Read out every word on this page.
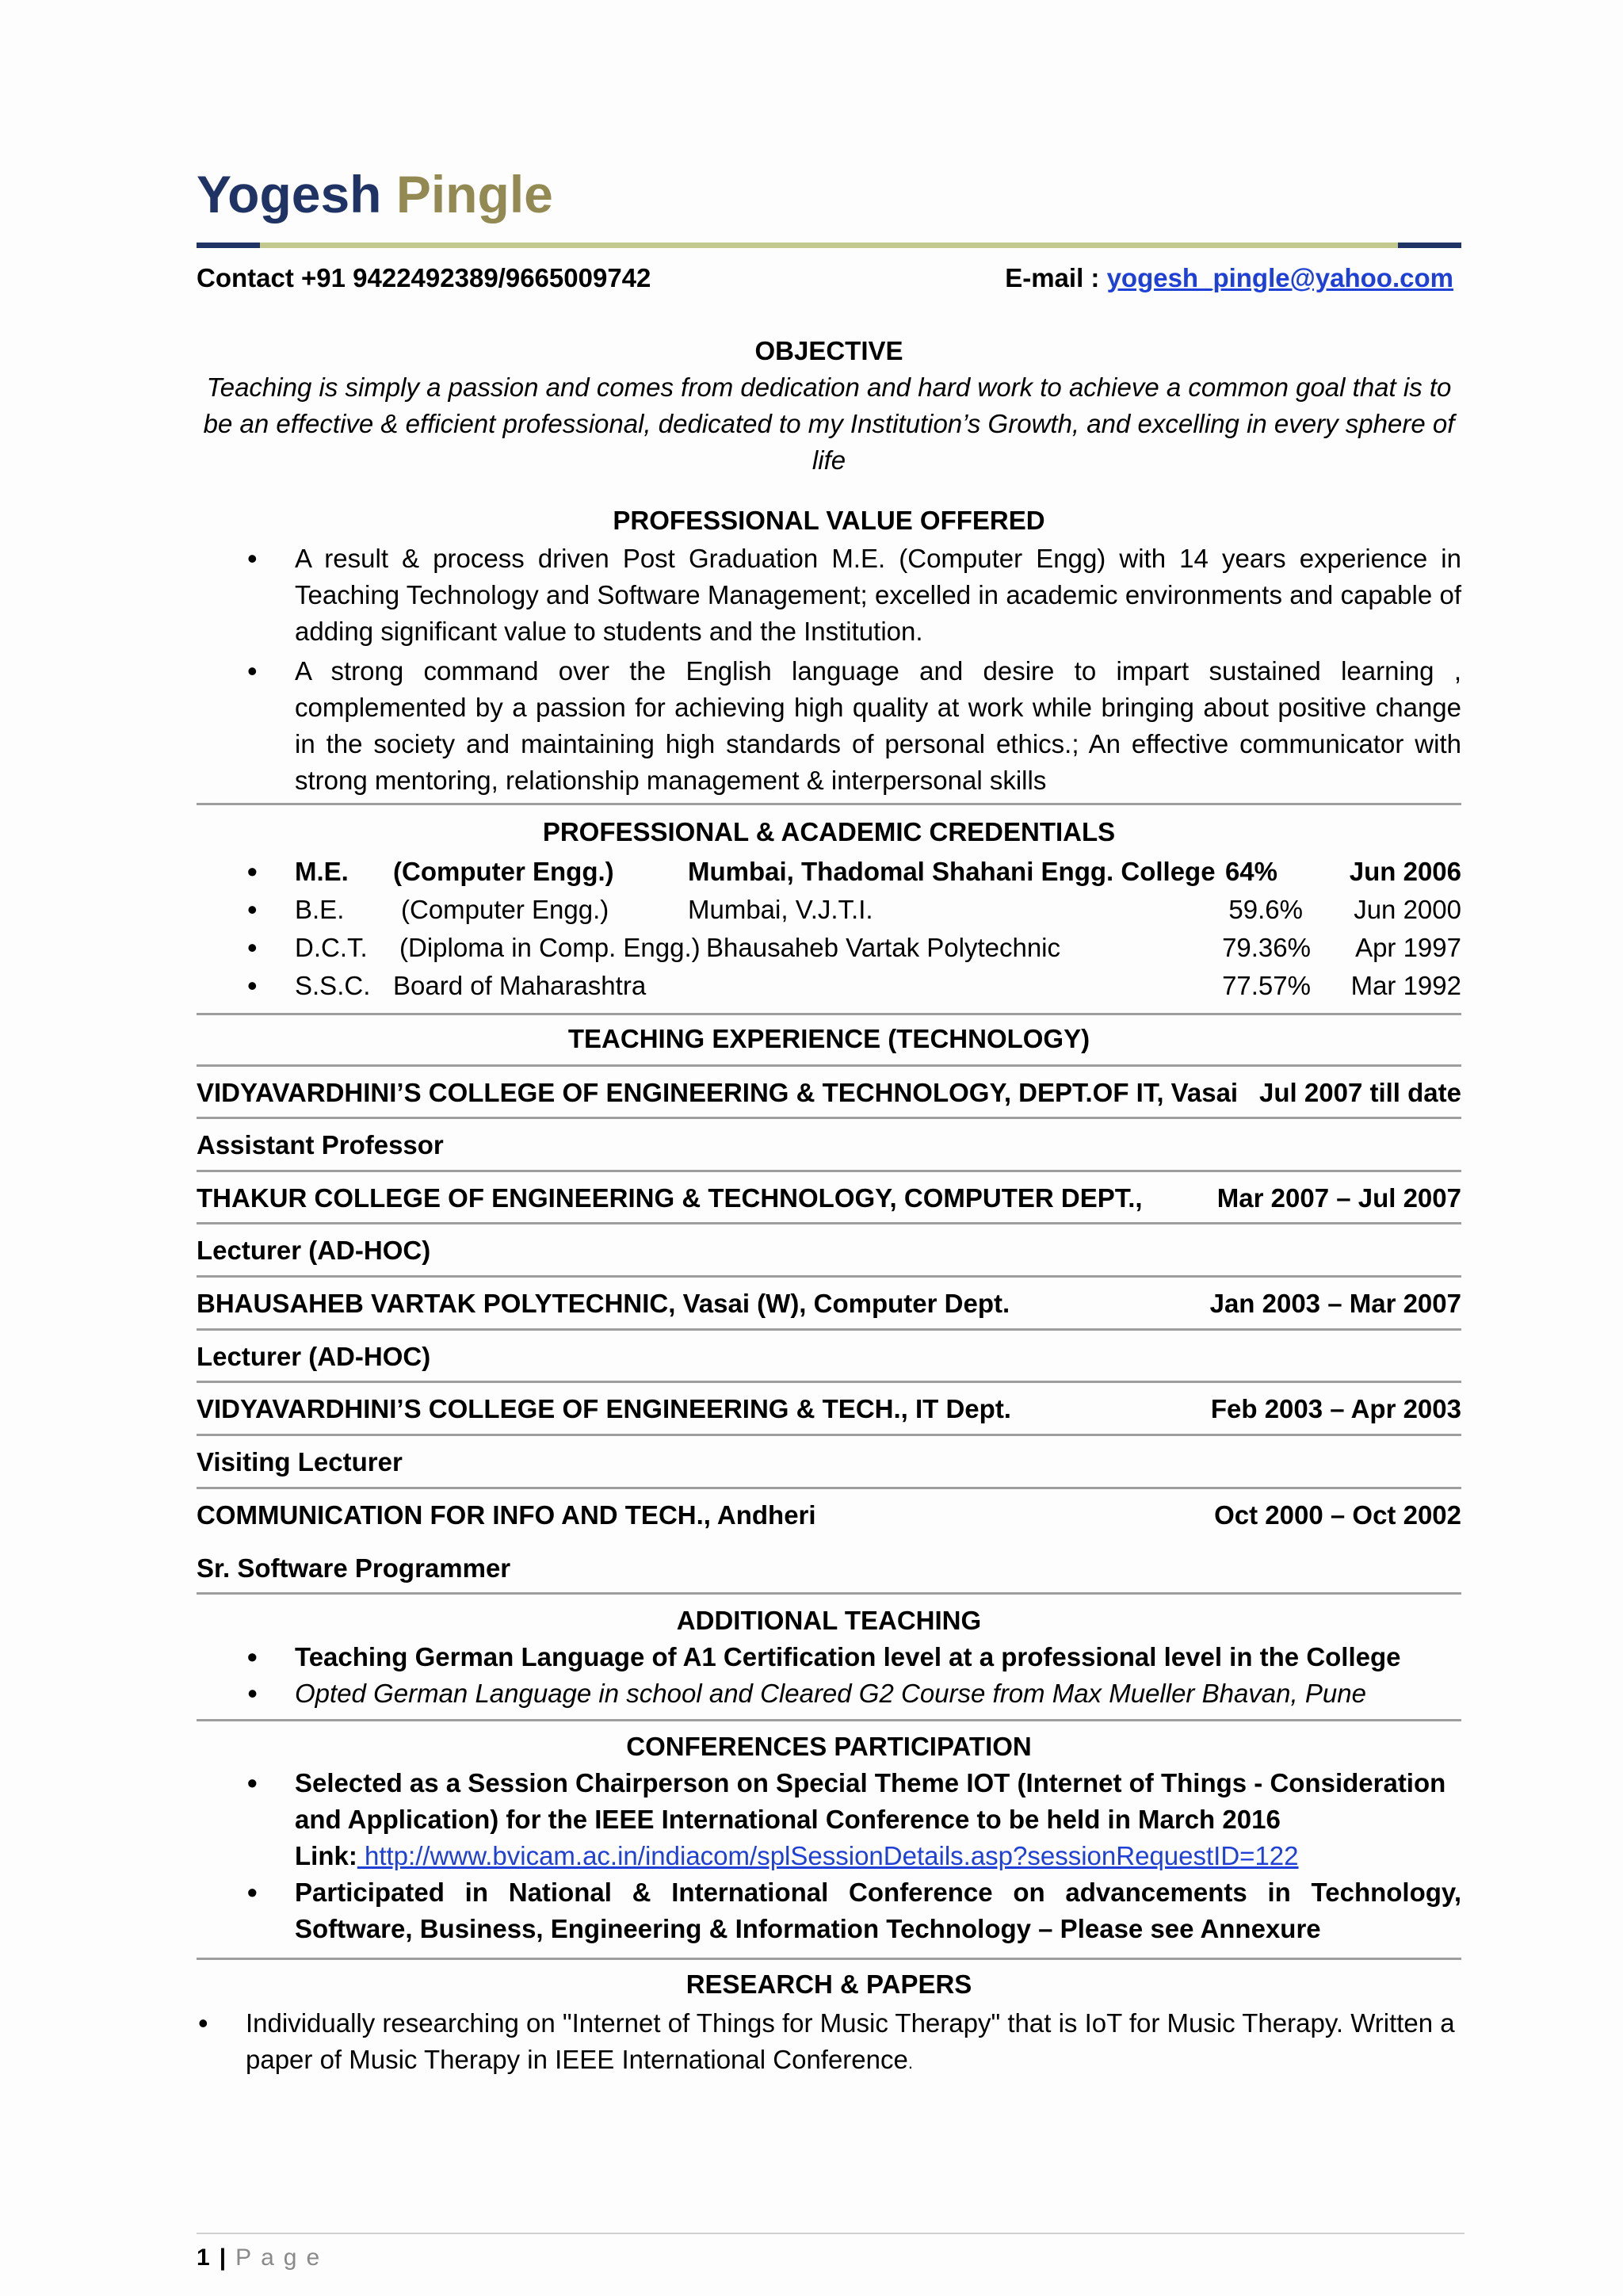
Yogesh Pingle
Contact +91 9422492389/9665009742	E-mail : yogesh_pingle@yahoo.com
OBJECTIVE
Teaching is simply a passion and comes from dedication and hard work to achieve a common goal that is to be an effective & efficient professional, dedicated to my Institution’s Growth, and excelling in every sphere of life
PROFESSIONAL VALUE OFFERED
• A result & process driven Post Graduation M.E. (Computer Engg) with 14 years experience in Teaching Technology and Software Management; excelled in academic environments and capable of adding significant value to students and the Institution.
• A strong command over the English language and desire to impart sustained learning , complemented by a passion for achieving high quality at work while bringing about positive change in the society and maintaining high standards of personal ethics.; An effective communicator with strong mentoring, relationship management & interpersonal skills
PROFESSIONAL & ACADEMIC CREDENTIALS
• M.E. (Computer Engg.)	Mumbai, Thadomal Shahani Engg. College 64%	Jun 2006
• B.E. (Computer Engg.)	Mumbai, V.J.T.I.	59.6% Jun 2000
• D.C.T. (Diploma in Comp. Engg.) Bhausaheb Vartak Polytechnic	79.36% Apr 1997
• S.S.C. Board of Maharashtra	77.57% Mar 1992
TEACHING EXPERIENCE (TECHNOLOGY)
VIDYAVARDHINI’S COLLEGE OF ENGINEERING & TECHNOLOGY, DEPT.OF IT, Vasai Jul 2007 till date
Assistant Professor
THAKUR COLLEGE OF ENGINEERING & TECHNOLOGY, COMPUTER DEPT.,	Mar 2007 – Jul 2007
Lecturer (AD-HOC)
BHAUSAHEB VARTAK POLYTECHNIC, Vasai (W), Computer Dept.	Jan 2003 – Mar 2007
Lecturer (AD-HOC)
VIDYAVARDHINI’S COLLEGE OF ENGINEERING & TECH., IT Dept.	Feb 2003 – Apr 2003
Visiting Lecturer
COMMUNICATION FOR INFO AND TECH., Andheri	Oct 2000 – Oct 2002
Sr. Software Programmer
ADDITIONAL TEACHING
• Teaching German Language of A1 Certification level at a professional level in the College
• Opted German Language in school and Cleared G2 Course from Max Mueller Bhavan, Pune
CONFERENCES PARTICIPATION
• Selected as a Session Chairperson on Special Theme IOT (Internet of Things - Consideration and Application) for the IEEE International Conference to be held in March 2016
Link: http://www.bvicam.ac.in/indiacom/splSessionDetails.asp?sessionRequestID=122
• Participated in National & International Conference on advancements in Technology, Software, Business, Engineering & Information Technology – Please see Annexure
RESEARCH & PAPERS
• Individually researching on "Internet of Things for Music Therapy" that is IoT for Music Therapy. Written a paper of Music Therapy in IEEE International Conference.
1 | Page
